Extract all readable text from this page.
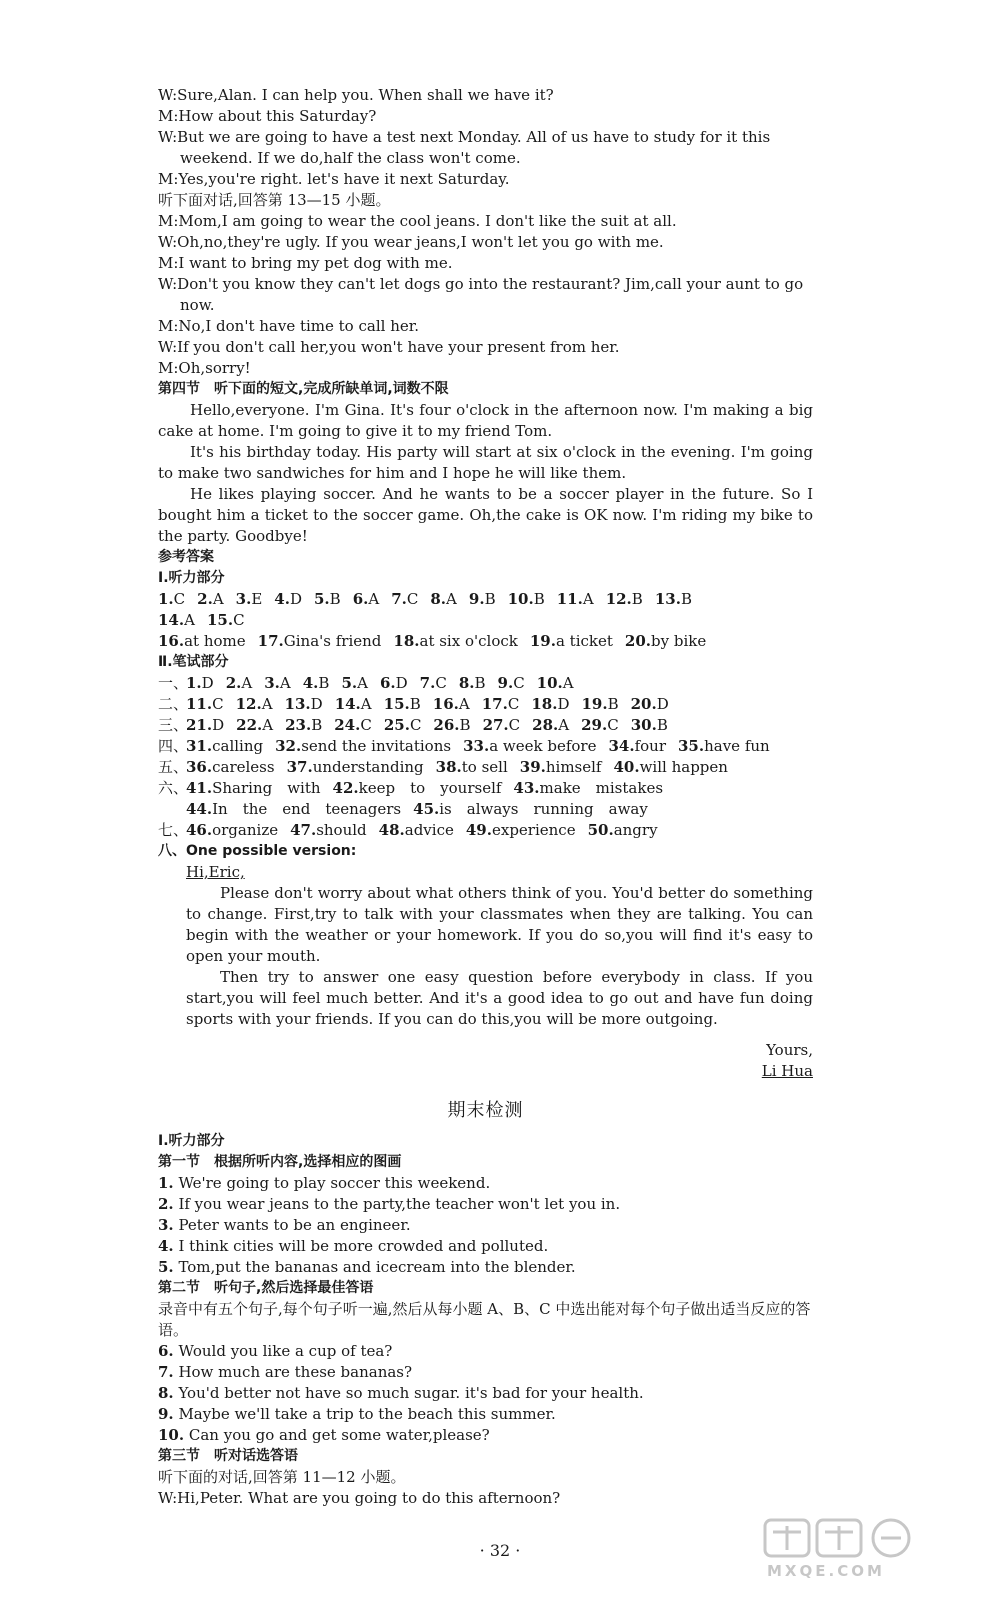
W:Sure,Alan. I can help you. When shall we have it?
M:How about this Saturday?
W:But we are going to have a test next Monday. All of us have to study for it this weekend. If we do,half the class won't come.
M:Yes,you're right. let's have it next Saturday.
听下面对话,回答第 13—15 小题。
M:Mom,I am going to wear the cool jeans. I don't like the suit at all.
W:Oh,no,they're ugly. If you wear jeans,I won't let you go with me.
M:I want to bring my pet dog with me.
W:Don't you know they can't let dogs go into the restaurant? Jim,call your aunt to go now.
M:No,I don't have time to call her.
W:If you don't call her,you won't have your present from her.
M:Oh,sorry!
第四节　听下面的短文,完成所缺单词,词数不限
Hello,everyone. I'm Gina. It's four o'clock in the afternoon now. I'm making a big cake at home. I'm going to give it to my friend Tom.
It's his birthday today. His party will start at six o'clock in the evening. I'm going to make two sandwiches for him and I hope he will like them.
He likes playing soccer. And he wants to be a soccer player in the future. So I bought him a ticket to the soccer game. Oh,the cake is OK now. I'm riding my bike to the party. Goodbye!
参考答案
Ⅰ.听力部分
1.C 2.A 3.E 4.D 5.B 6.A 7.C 8.A 9.B 10.B 11.A 12.B 13.B
14.A 15.C
16.at home 17.Gina's friend 18.at six o'clock 19.a ticket 20.by bike
Ⅱ.笔试部分
一、1.D 2.A 3.A 4.B 5.A 6.D 7.C 8.B 9.C 10.A
二、11.C 12.A 13.D 14.A 15.B 16.A 17.C 18.D 19.B 20.D
三、21.D 22.A 23.B 24.C 25.C 26.B 27.C 28.A 29.C 30.B
四、31.calling 32.send the invitations 33.a week before 34.four 35.have fun
五、36.careless 37.understanding 38.to sell 39.himself 40.will happen
六、41.Sharing　with 42.keep　to　yourself 43.make　mistakes
44.In　the　end　teenagers 45.is　always　running　away
七、46.organize 47.should 48.advice 49.experience 50.angry
八、One possible version:
Hi,Eric,
Please don't worry about what others think of you. You'd better do something to change. First,try to talk with your classmates when they are talking. You can begin with the weather or your homework. If you do so,you will find it's easy to open your mouth.
Then try to answer one easy question before everybody in class. If you start,you will feel much better. And it's a good idea to go out and have fun doing sports with your friends. If you can do this,you will be more outgoing.
Yours,
Li Hua
期末检测
Ⅰ.听力部分
第一节　根据所听内容,选择相应的图画
1. We're going to play soccer this weekend.
2. If you wear jeans to the party,the teacher won't let you in.
3. Peter wants to be an engineer.
4. I think cities will be more crowded and polluted.
5. Tom,put the bananas and icecream into the blender.
第二节　听句子,然后选择最佳答语
录音中有五个句子,每个句子听一遍,然后从每小题 A、B、C 中选出能对每个句子做出适当反应的答语。
6. Would you like a cup of tea?
7. How much are these bananas?
8. You'd better not have so much sugar. it's bad for your health.
9. Maybe we'll take a trip to the beach this summer.
10. Can you go and get some water,please?
第三节　听对话选答语
听下面的对话,回答第 11—12 小题。
W:Hi,Peter. What are you going to do this afternoon?
· 32 ·
MXQE.COM
